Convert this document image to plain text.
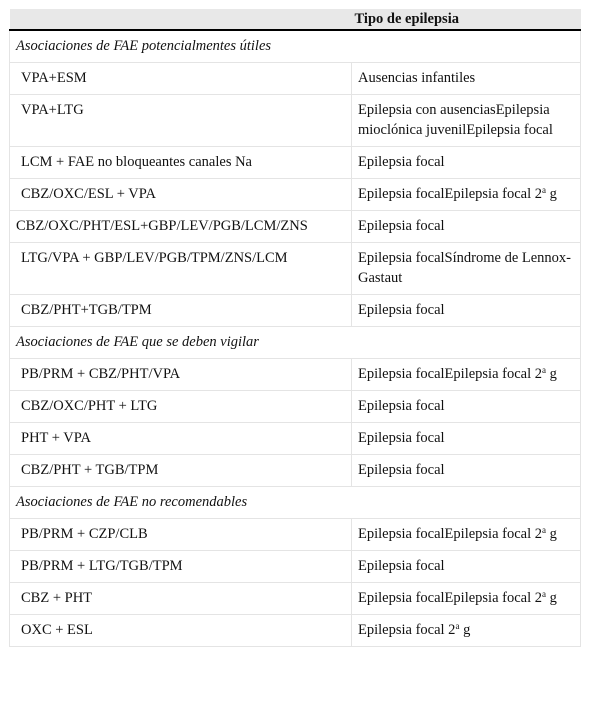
	Tipo de epilepsia
Asociaciones de FAE potencialmentes útiles	
VPA+ESM	Ausencias infantiles
VPA+LTG	Epilepsia con ausenciasEpilepsia mioclónica juvenilEpilepsia focal
LCM + FAE no bloqueantes canales Na	Epilepsia focal
CBZ/OXC/ESL + VPA	Epilepsia focalEpilepsia focal 2$^a$ g
CBZ/OXC/PHT/ESL+GBP/LEV/PGB/LCM/ZNS	Epilepsia focal
LTG/VPA + GBP/LEV/PGB/TPM/ZNS/LCM	Epilepsia focalSíndrome de Lennox-Gastaut
CBZ/PHT+TGB/TPM	Epilepsia focal
Asociaciones de FAE que se deben vigilar	
PB/PRM + CBZ/PHT/VPA	Epilepsia focalEpilepsia focal 2$^a$ g
CBZ/OXC/PHT + LTG	Epilepsia focal
PHT + VPA	Epilepsia focal
CBZ/PHT + TGB/TPM	Epilepsia focal
Asociaciones de FAE no recomendables	
PB/PRM + CZP/CLB	Epilepsia focalEpilepsia focal 2$^a$ g
PB/PRM + LTG/TGB/TPM	Epilepsia focal
CBZ + PHT	Epilepsia focalEpilepsia focal 2$^a$ g
OXC + ESL	Epilepsia focal 2$^a$ g
